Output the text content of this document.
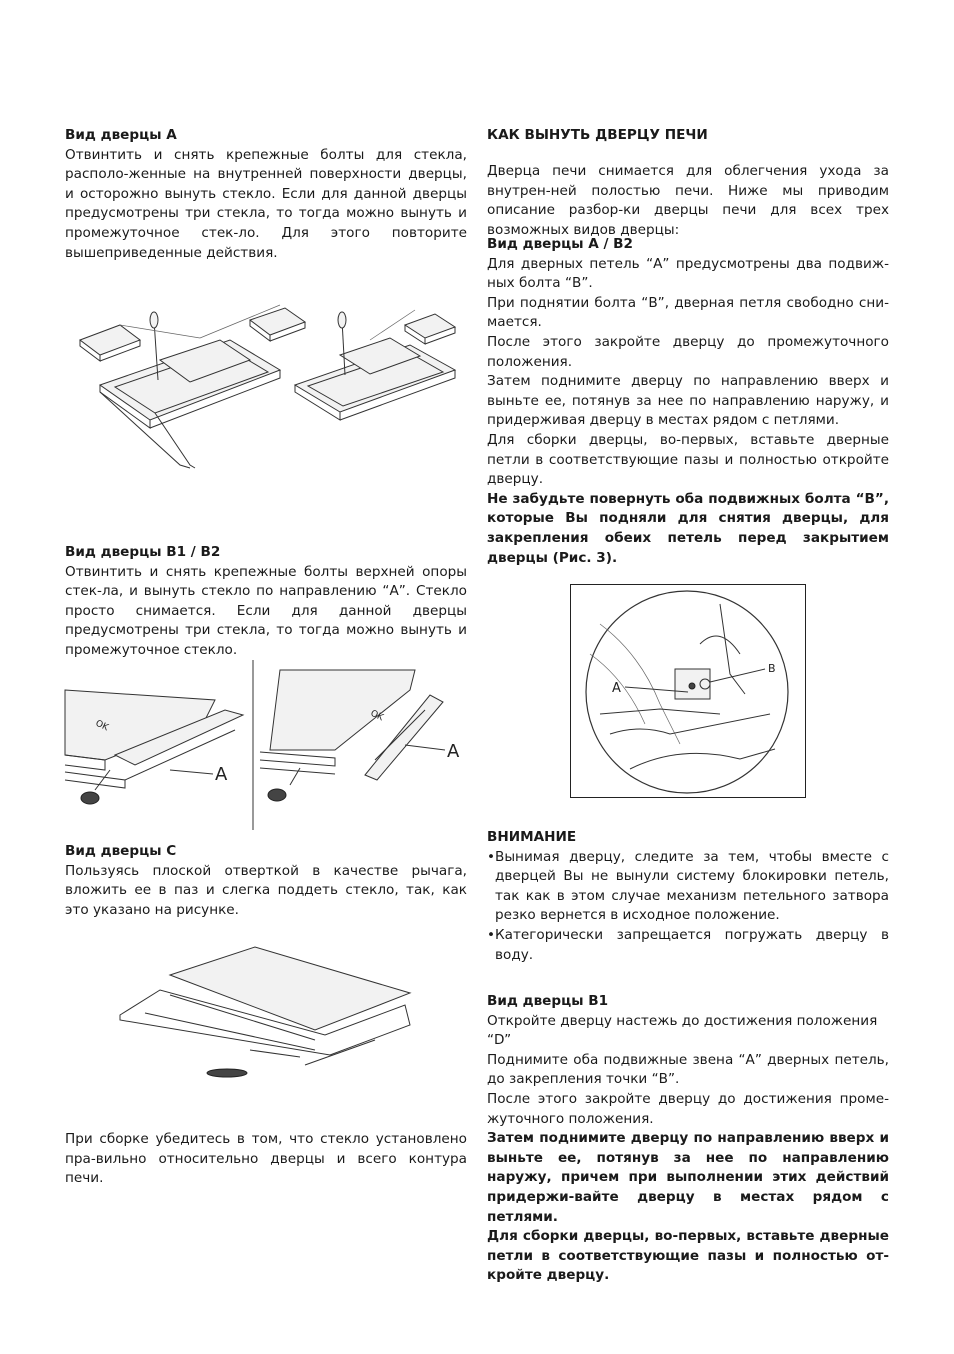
Вид дверцы А

Отвинтить и снять крепежные болты для стекла, располо-женные на внутренней поверхности дверцы, и осторожно вынуть стекло. Если для данной дверцы предусмотрены три стекла, то тогда можно вынуть и промежуточное стек-ло. Для этого повторите вышеприведенные действия.

Вид дверцы В1 / В2

Отвинтить и снять крепежные болты верхней опоры стек-ла, и вынуть стекло по направлению “А”. Стекло просто снимается. Если для данной дверцы предусмотрены три стекла, то тогда можно вынуть и промежуточное стекло.

Вид дверцы С

Пользуясь плоской отверткой в качестве рычага, вложить ее в паз и слегка поддеть стекло, так, как это указано на рисунке.

При сборке убедитесь в том, что стекло установлено пра-вильно относительно дверцы и всего контура печи.

КАК ВЫНУТЬ ДВЕРЦУ ПЕЧИ

Дверца печи снимается для облегчения ухода за внутрен-ней полостью печи. Ниже мы приводим описание разбор-ки дверцы печи для всех трех возможных видов дверцы:

Вид дверцы А / В2

Для дверных петель “А” предусмотрены два подвиж-ных болта “В”.

При поднятии болта “В”, дверная петля свободно сни-мается.

После этого закройте дверцу до промежуточного положения.

Затем поднимите дверцу по направлению вверх и выньте ее, потянув за нее по направлению наружу, и придерживая дверцу в местах рядом с петлями.

Для сборки дверцы, во-первых, вставьте дверные петли в соответствующие пазы и полностью откройте дверцу.

Не забудьте повернуть оба подвижных болта “В”, которые Вы подняли для снятия дверцы, для закрепления обеих петель перед закрытием дверцы (Рис. 3).

ВНИМАНИЕ

• Вынимая дверцу, следите за тем, чтобы вместе с дверцей Вы не вынули систему блокировки петель, так как в этом случае механизм петельного затвора резко вернется в исходное положение.
• Категорически запрещается погружать дверцу в воду.

Вид дверцы В1

Откройте дверцу настежь до достижения положения “D”

Поднимите оба подвижные звена “А” дверных петель, до закрепления точки “В”.

После этого закройте дверцу до достижения проме-жуточного положения.

Затем поднимите дверцу по направлению вверх и выньте ее, потянув за нее по направлению наружу, причем при выполнении этих действий придержи-вайте дверцу в местах рядом с петлями.

Для сборки дверцы, во-первых, вставьте дверные петли в соответствующие пазы и полностью от-кройте дверцу.

OK
A
OK
A
A
B
